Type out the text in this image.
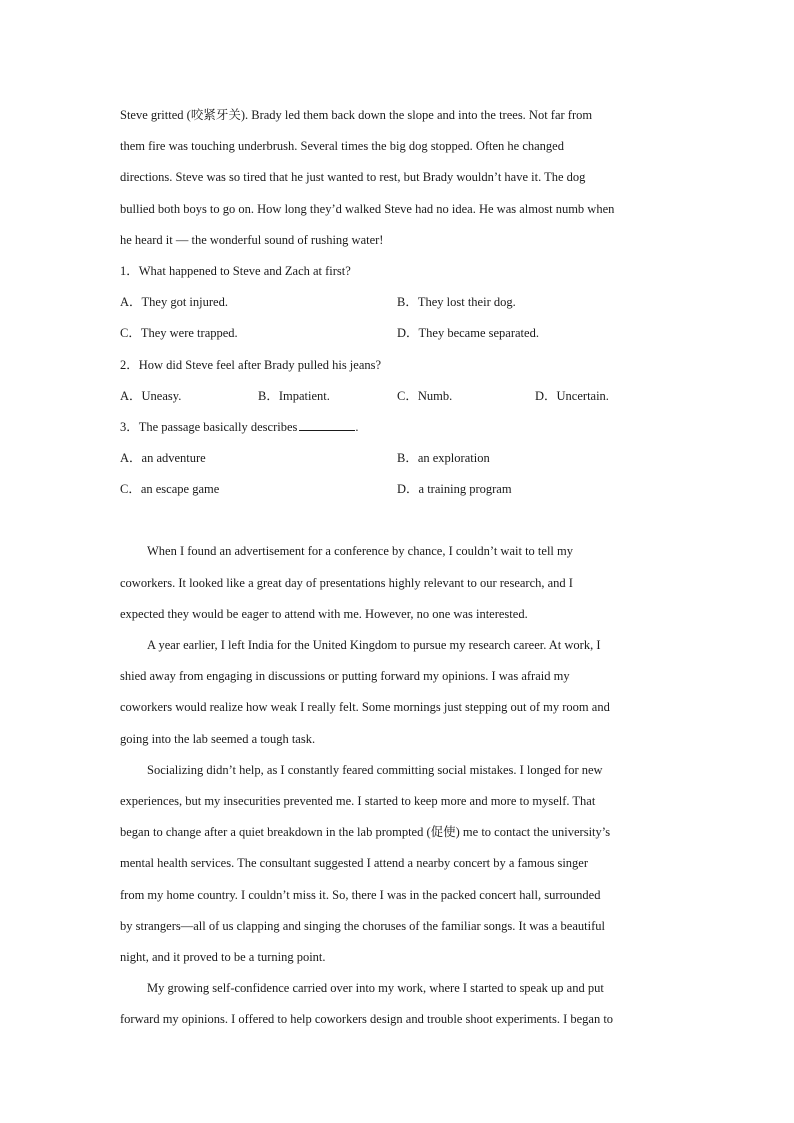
Steve gritted (咬紧牙关). Brady led them back down the slope and into the trees. Not far from
them fire was touching underbrush. Several times the big dog stopped. Often he changed
directions. Steve was so tired that he just wanted to rest, but Brady wouldn’t have it. The dog
bullied both boys to go on. How long they’d walked Steve had no idea. He was almost numb when
he heard it — the wonderful sound of rushing water!
1．What happened to Steve and Zach at first?
A．They got injured.	B．They lost their dog.
C．They were trapped.	D．They became separated.
2．How did Steve feel after Brady pulled his jeans?
A．Uneasy.	B．Impatient.	C．Numb.	D．Uncertain.
3．The passage basically describes	.
A．an adventure	B．an exploration
C．an escape game	D．a training program
When I found an advertisement for a conference by chance, I couldn’t wait to tell my
coworkers. It looked like a great day of presentations highly relevant to our research, and I
expected they would be eager to attend with me. However, no one was interested.
A year earlier, I left India for the United Kingdom to pursue my research career. At work, I
shied away from engaging in discussions or putting forward my opinions. I was afraid my
coworkers would realize how weak I really felt. Some mornings just stepping out of my room and
going into the lab seemed a tough task.
Socializing didn’t help, as I constantly feared committing social mistakes. I longed for new
experiences, but my insecurities prevented me. I started to keep more and more to myself. That
began to change after a quiet breakdown in the lab prompted (促使) me to contact the university’s
mental health services. The consultant suggested I attend a nearby concert by a famous singer
from my home country. I couldn’t miss it. So, there I was in the packed concert hall, surrounded
by strangers—all of us clapping and singing the choruses of the familiar songs. It was a beautiful
night, and it proved to be a turning point.
My growing self-confidence carried over into my work, where I started to speak up and put
forward my opinions. I offered to help coworkers design and trouble shoot experiments. I began to
